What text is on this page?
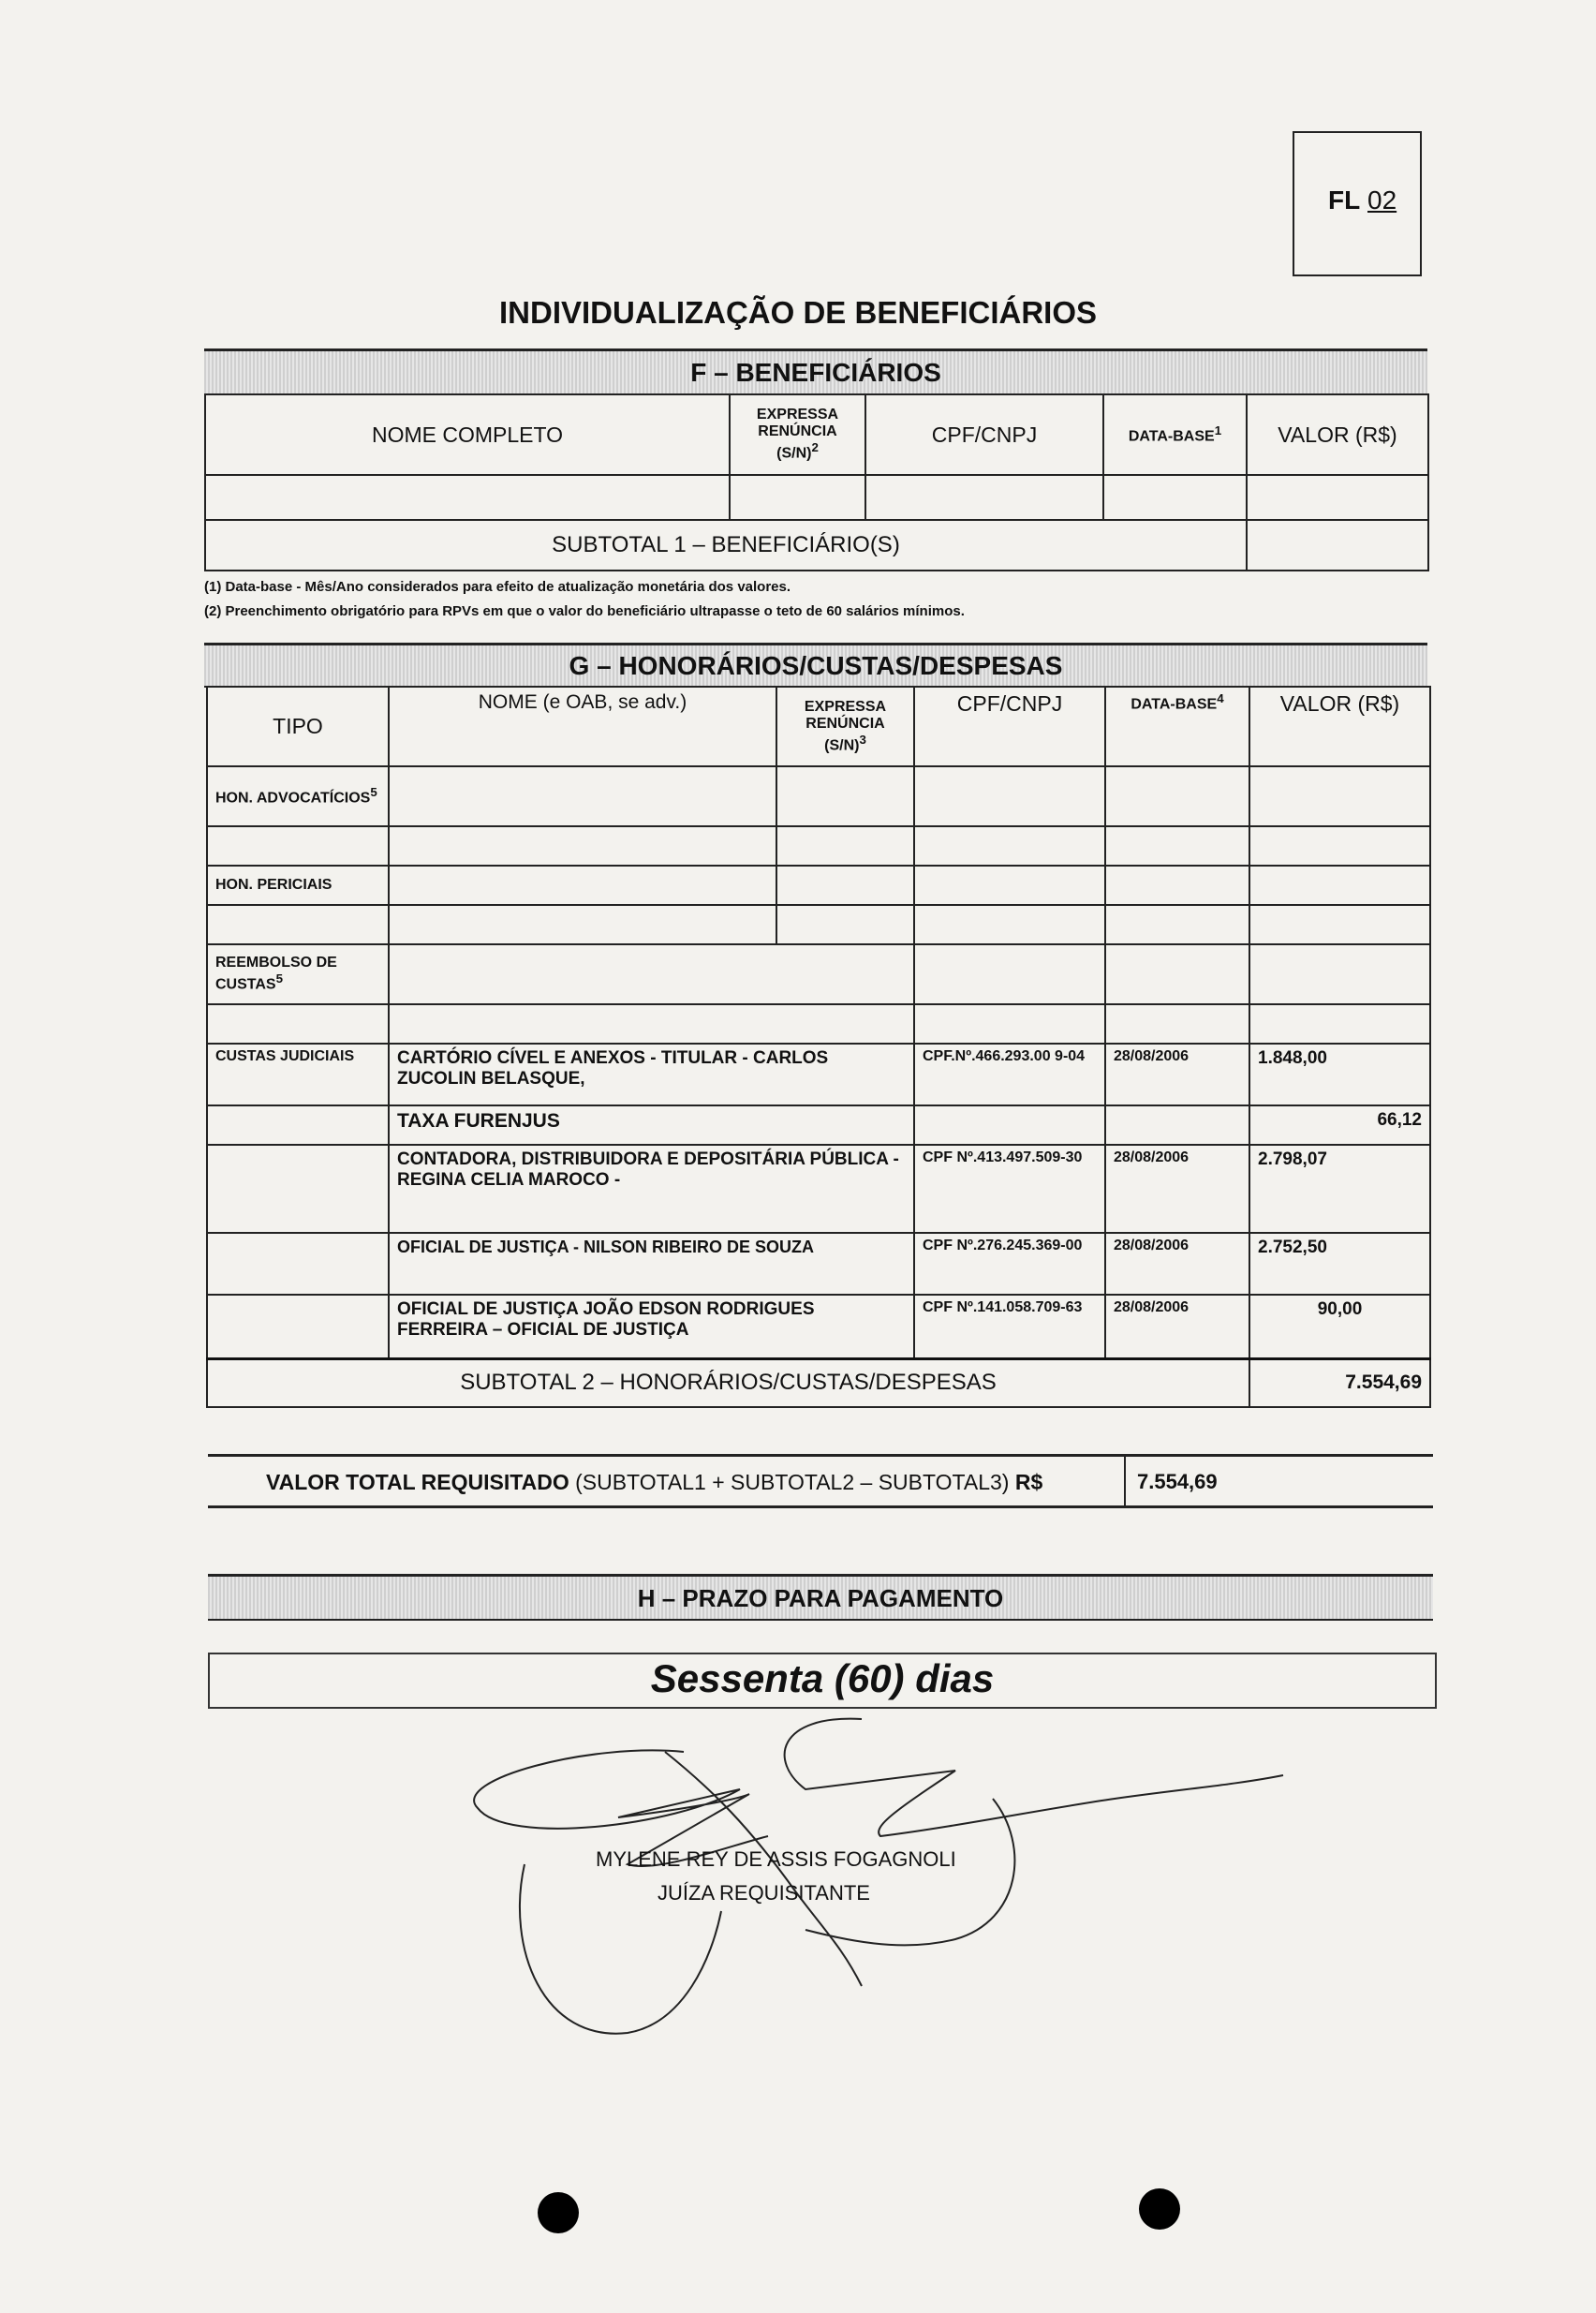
FL 02
INDIVIDUALIZAÇÃO DE BENEFICIÁRIOS
F – BENEFICIÁRIOS
NOME COMPLETO	EXPRESSA RENÚNCIA $(S/N)^2$	CPF/CNPJ	DATA-BASE$^1$	VALOR (R$)

SUBTOTAL 1 – BENEFICIÁRIO(S)				
(1) Data-base - Mês/Ano considerados para efeito de atualização monetária dos valores.
(2) Preenchimento obrigatório para RPVs em que o valor do beneficiário ultrapasse o teto de 60 salários mínimos.
G – HONORÁRIOS/CUSTAS/DESPESAS
TIPO	NOME (e OAB, se adv.)	EXPRESSA RENÚNCIA $(S/N)^3$	CPF/CNPJ	DATA-BASE$^4$	VALOR (R$)
HON. ADVOCATÍCIOS$^5$					

HON. PERICIAIS					

REEMBOLSO DE CUSTAS$^5$				

CUSTAS JUDICIAIS	CARTÓRIO CÍVEL E ANEXOS - TITULAR - CARLOS ZUCOLIN BELASQUE,		CPF.Nº.466.293.00 9-04	28/08/2006	1.848,00
	TAXA FURENJUS				66,12
	CONTADORA, DISTRIBUIDORA E DEPOSITÁRIA PÚBLICA - REGINA CELIA MAROCO -		CPF Nº.413.497.509-30	28/08/2006	2.798,07
	OFICIAL DE JUSTIÇA - NILSON RIBEIRO DE SOUZA		CPF Nº.276.245.369-00	28/08/2006	2.752,50
	OFICIAL DE JUSTIÇA JOÃO EDSON RODRIGUES FERREIRA – OFICIAL DE JUSTIÇA		CPF Nº.141.058.709-63	28/08/2006	90,00
SUBTOTAL 2 – HONORÁRIOS/CUSTAS/DESPESAS					7.554,69
VALOR TOTAL REQUISITADO (SUBTOTAL1 + SUBTOTAL2 – SUBTOTAL3) R$	7.554,69
H – PRAZO PARA PAGAMENTO
Sessenta (60) dias
MYLENE REY DE ASSIS FOGAGNOLI
JUÍZA REQUISITANTE
